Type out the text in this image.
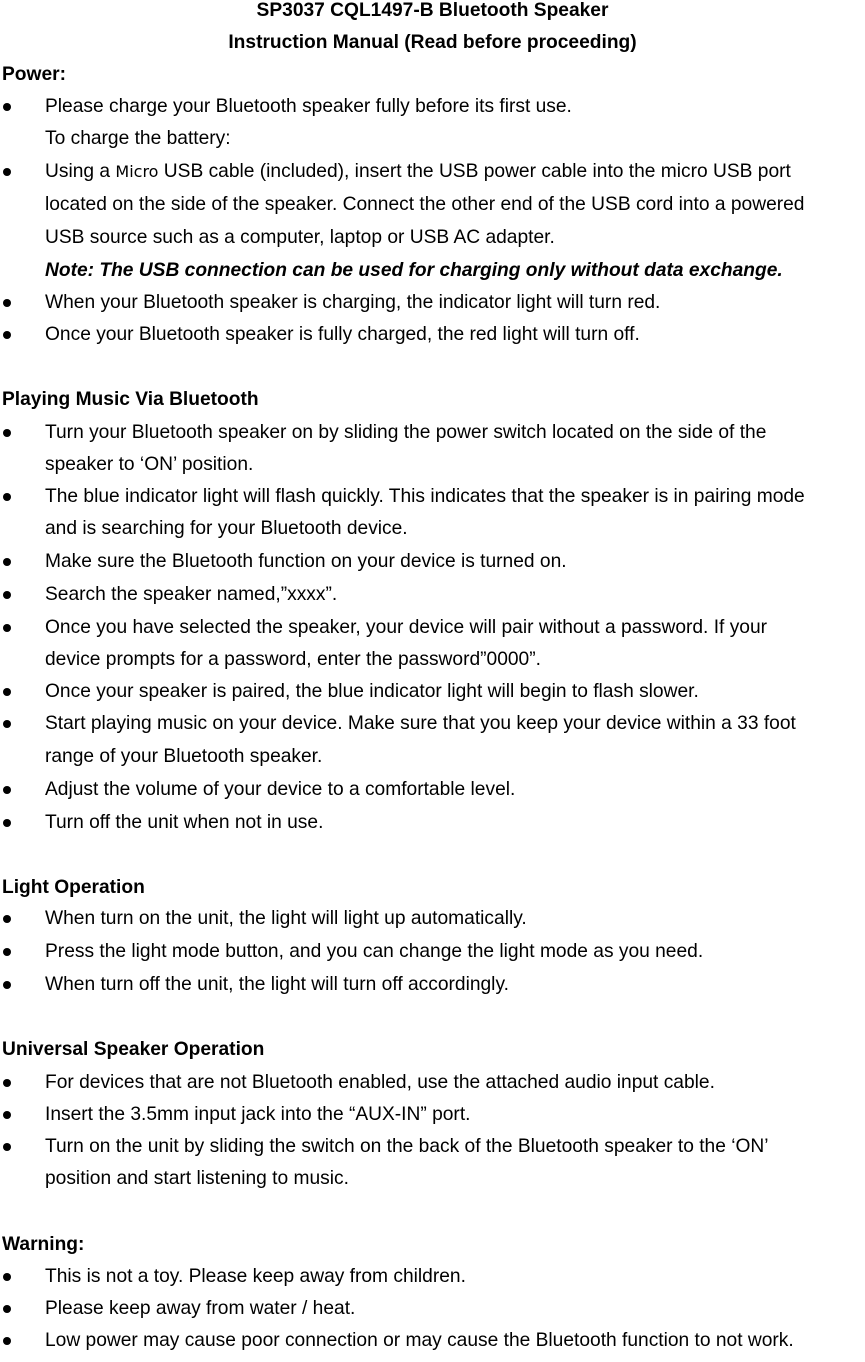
SP3037 CQL1497-B Bluetooth Speaker
Instruction Manual (Read before proceeding)
Power:
Please charge your Bluetooth speaker fully before its first use.
To charge the battery:
Using a Micro USB cable (included), insert the USB power cable into the micro USB port
located on the side of the speaker. Connect the other end of the USB cord into a powered
USB source such as a computer, laptop or USB AC adapter.
Note: The USB connection can be used for charging only without data exchange.
When your Bluetooth speaker is charging, the indicator light will turn red.
Once your Bluetooth speaker is fully charged, the red light will turn off.
Playing Music Via Bluetooth
Turn your Bluetooth speaker on by sliding the power switch located on the side of the
speaker to ‘ON’ position.
The blue indicator light will flash quickly. This indicates that the speaker is in pairing mode
and is searching for your Bluetooth device.
Make sure the Bluetooth function on your device is turned on.
Search the speaker named,”xxxx”.
Once you have selected the speaker, your device will pair without a password. If your
device prompts for a password, enter the password”0000”.
Once your speaker is paired, the blue indicator light will begin to flash slower.
Start playing music on your device. Make sure that you keep your device within a 33 foot
range of your Bluetooth speaker.
Adjust the volume of your device to a comfortable level.
Turn off the unit when not in use.
Light Operation
When turn on the unit, the light will light up automatically.
Press the light mode button, and you can change the light mode as you need.
When turn off the unit, the light will turn off accordingly.
Universal Speaker Operation
For devices that are not Bluetooth enabled, use the attached audio input cable.
Insert the 3.5mm input jack into the “AUX-IN” port.
Turn on the unit by sliding the switch on the back of the Bluetooth speaker to the ‘ON’
position and start listening to music.
Warning:
This is not a toy. Please keep away from children.
Please keep away from water / heat.
Low power may cause poor connection or may cause the Bluetooth function to not work.
